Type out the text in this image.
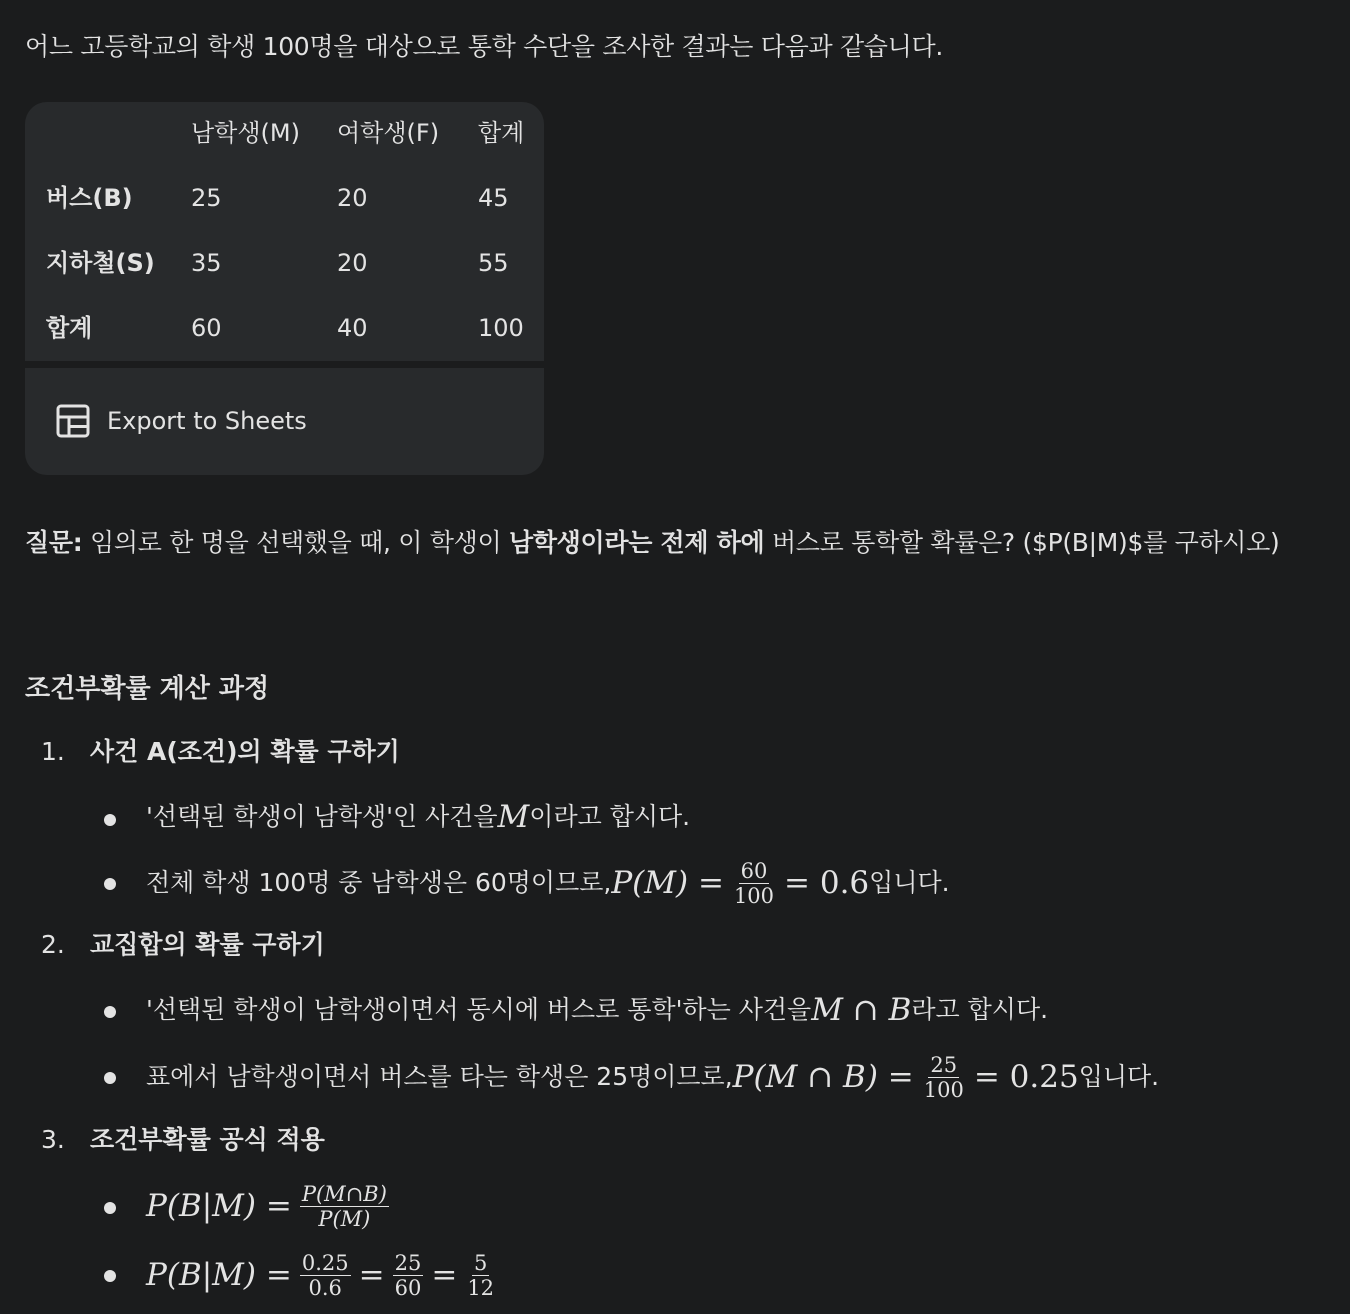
어느 고등학교의 학생 100명을 대상으로 통학 수단을 조사한 결과는 다음과 같습니다.
남학생(M) 여학생(F) 합계
버스(B) 25	20	45
지하철(S) 35	20	55
합계	60	40	100
Export to Sheets
질문: 임의로 한 명을 선택했을 때, 이 학생이 남학생이라는 전제 하에 버스로 통학할 확률은? ($P(B|M)$를 구하시오)
조건부확률 계산 과정
1. 사건 A(조건)의 확률 구하기
'선택된 학생이 남학생'인 사건을 M 이라고 합시다.
전체 학생 100명 중 남학생은 60명이므로, $P(M) = \frac{60}{100} = 0.6$ 입니다.
2. 교집합의 확률 구하기
'선택된 학생이 남학생이면서 동시에 버스로 통학'하는 사건을 M ∩ B 라고 합시다.
표에서 남학생이면서 버스를 타는 학생은 25명이므로, P(M ∩ $B) = \frac{25}{100} = 0.25$ 입니다.
3. 조건부확률 공식 적용
$P(B|M) = \frac{P(M\cap B)}{P(M)}$
$P(B|M) = \frac{0.25}{0.6} = \frac{25}{60} = \frac{5}{12}$
